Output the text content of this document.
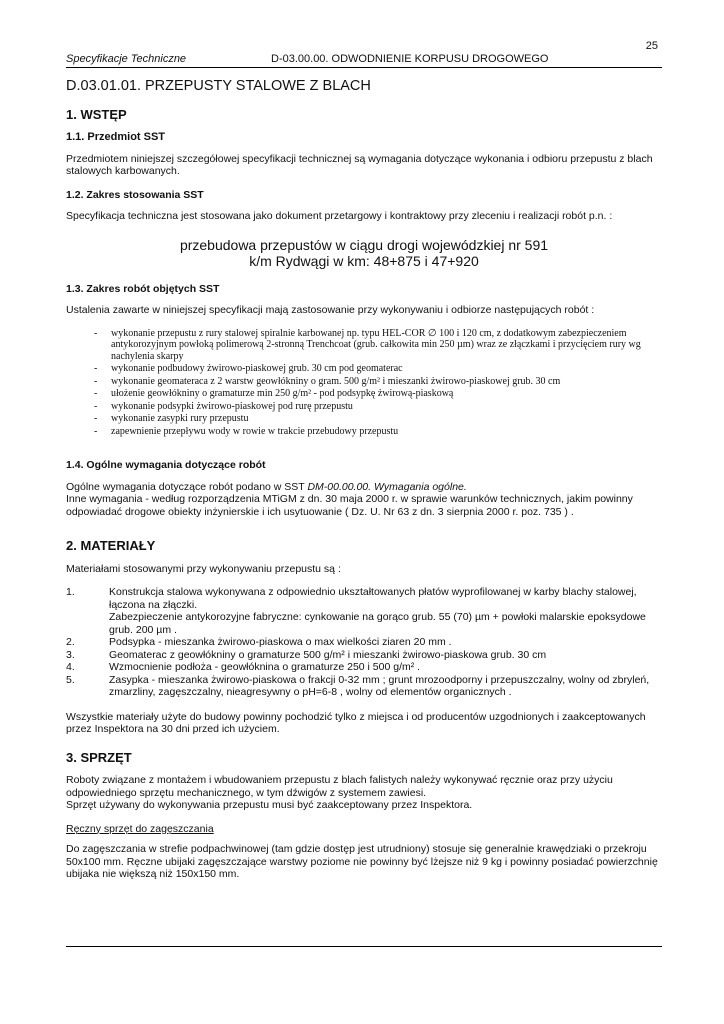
25
Specyfikacje Techniczne	D-03.00.00. ODWODNIENIE KORPUSU DROGOWEGO
D.03.01.01. PRZEPUSTY STALOWE Z BLACH
1. WSTĘP
1.1. Przedmiot SST

Przedmiotem niniejszej szczegółowej specyfikacji technicznej są wymagania dotyczące wykonania i odbioru przepustu z blach stalowych karbowanych.

1.2. Zakres stosowania SST

Specyfikacja techniczna jest stosowana jako dokument przetargowy i kontraktowy przy zleceniu i realizacji robót p.n. :

przebudowa przepustów w ciągu drogi wojewódzkiej nr 591
k/m Rydwągi w km: 48+875 i 47+920
1.3. Zakres robót objętych SST

Ustalenia zawarte w niniejszej specyfikacji mają zastosowanie przy wykonywaniu i odbiorze następujących robót :

- wykonanie przepustu z rury stalowej spiralnie karbowanej np. typu HEL-COR ∅ 100 i 120 cm, z dodatkowym zabezpieczeniem antykorozyjnym powłoką polimerową 2-stronną Trenchcoat (grub. całkowita min 250 µm) wraz ze złączkami i przycięciem rury wg nachylenia skarpy
- wykonanie podbudowy żwirowo-piaskowej grub. 30 cm pod geomaterac
- wykonanie geomateraca z 2 warstw geowłókniny o gram. 500 g/m² i mieszanki żwirowo-piaskowej grub. 30 cm
- ułożenie geowłókniny o gramaturze min 250 g/m² - pod podsypkę żwirową-piaskową
- wykonanie podsypki żwirowo-piaskowej pod rurę przepustu
- wykonanie zasypki rury przepustu
- zapewnienie przepływu wody w rowie w trakcie przebudowy przepustu
1.4. Ogólne wymagania dotyczące robót

Ogólne wymagania dotyczące robót podano w SST DM-00.00.00. Wymagania ogólne.
Inne wymagania - według rozporządzenia MTiGM z dn. 30 maja 2000 r. w sprawie warunków technicznych, jakim powinny odpowiadać drogowe obiekty inżynierskie i ich usytuowanie ( Dz. U. Nr 63 z dn. 3 sierpnia 2000 r. poz. 735 ) .

2. MATERIAŁY

Materiałami stosowanymi przy wykonywaniu przepustu są :

1.	Konstrukcja stalowa wykonywana z odpowiednio ukształtowanych płatów wyprofilowanej w karby blachy stalowej, łączona na złączki.
Zabezpieczenie antykorozyjne fabryczne: cynkowanie na gorąco grub. 55 (70) µm + powłoki malarskie epoksydowe grub. 200 µm .
2.	Podsypka - mieszanka żwirowo-piaskowa o max wielkości ziaren 20 mm .
3.	Geomaterac z geowłókniny o gramaturze 500 g/m² i mieszanki żwirowo-piaskowa grub. 30 cm
4.	Wzmocnienie podłoża - geowłóknina o gramaturze 250 i 500 g/m² .
5.	Zasypka - mieszanka żwirowo-piaskowa o frakcji 0-32 mm ; grunt mrozoodporny i przepuszczalny, wolny od zbryleń, zmarzliny, zagęszczalny, nieagresywny o pH=6-8 , wolny od elementów organicznych .

Wszystkie materiały użyte do budowy powinny pochodzić tylko z miejsca i od producentów uzgodnionych i zaakceptowanych przez Inspektora na 30 dni przed ich użyciem.

3. SPRZĘT

Roboty związane z montażem i wbudowaniem przepustu z blach falistych należy wykonywać ręcznie oraz przy użyciu odpowiedniego sprzętu mechanicznego, w tym dźwigów z systemem zawiesi.

Sprzęt używany do wykonywania przepustu musi być zaakceptowany przez Inspektora.

Ręczny sprzęt do zagęszczania

Do zagęszczania w strefie podpachwinowej (tam gdzie dostęp jest utrudniony) stosuje się generalnie krawędziaki o przekroju 50x100 mm. Ręczne ubijaki zagęszczające warstwy poziome nie powinny być lżejsze niż 9 kg i powinny posiadać powierzchnię ubijaka nie większą niż 150x150 mm.
